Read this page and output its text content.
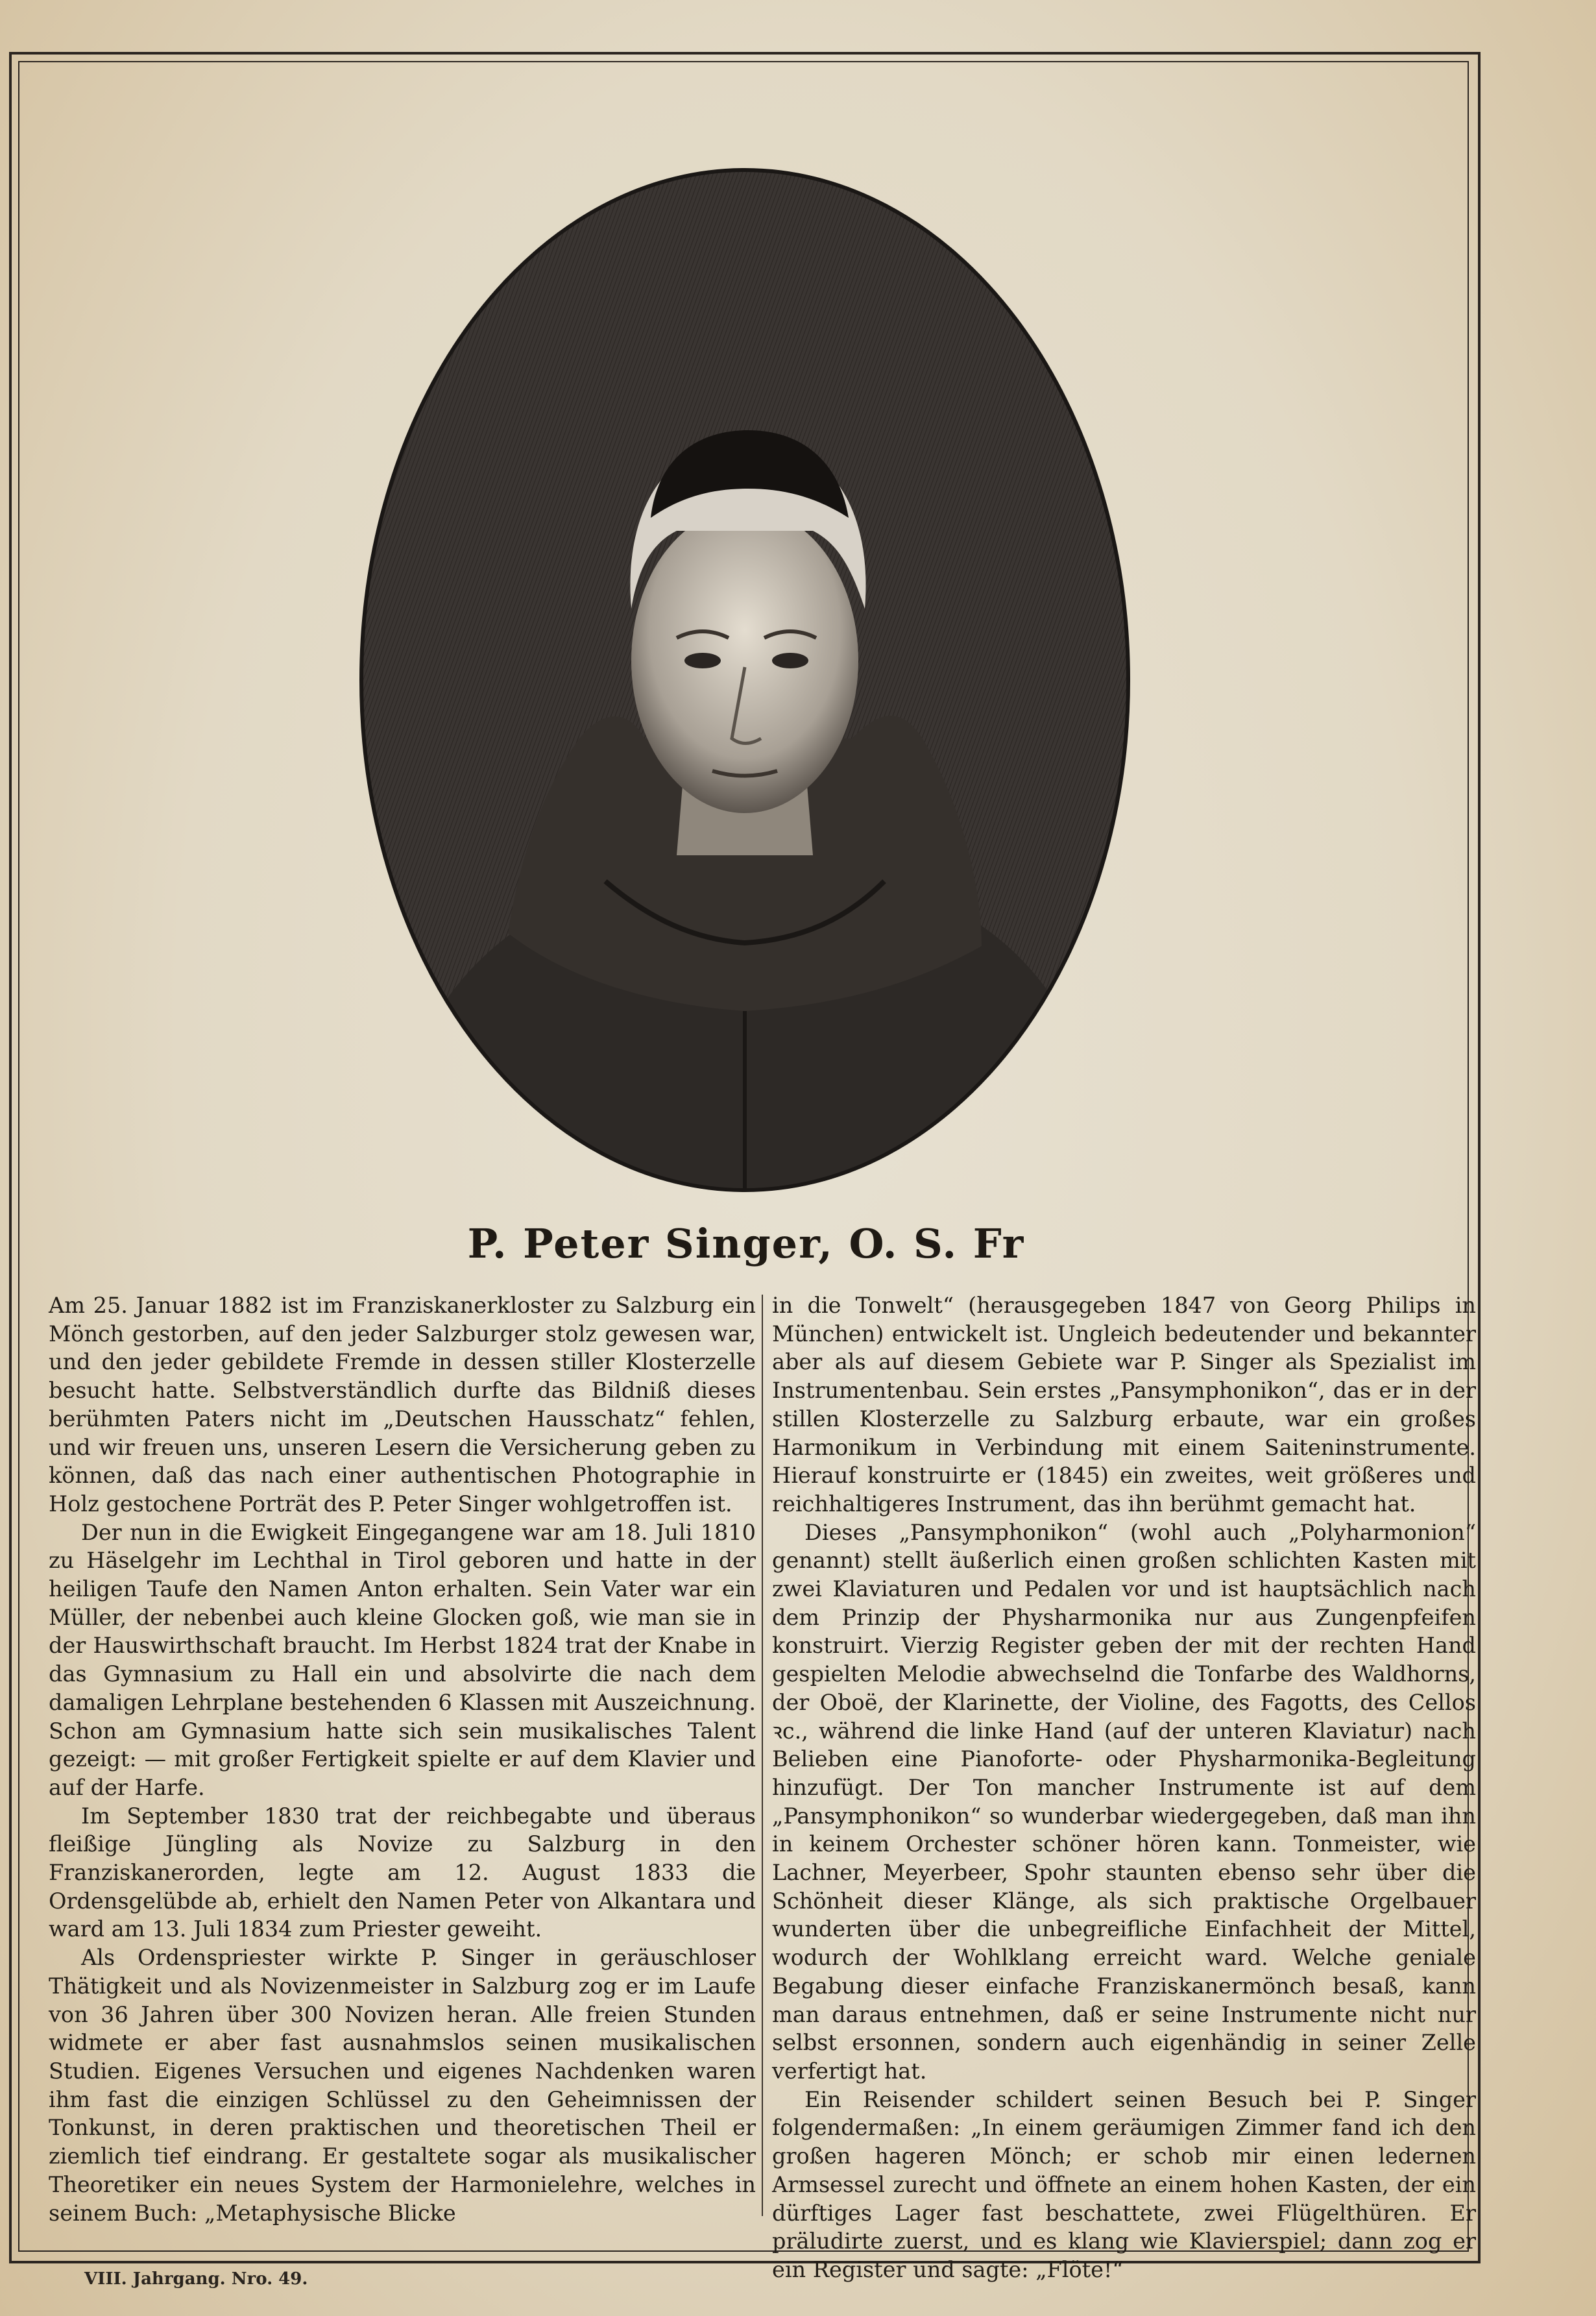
P. Peter Singer, O. S. Fr

Am 25. Januar 1882 ist im Franziskanerkloster zu Salzburg ein Mönch gestorben, auf den jeder Salzburger stolz gewesen war, und den jeder gebildete Fremde in dessen stiller Klosterzelle besucht hatte. Selbstverständlich durfte das Bildniß dieses berühmten Paters nicht im „Deutschen Hausschatz“ fehlen, und wir freuen uns, unseren Lesern die Versicherung geben zu können, daß das nach einer authentischen Photographie in Holz gestochene Porträt des P. Peter Singer wohlgetroffen ist.

Der nun in die Ewigkeit Eingegangene war am 18. Juli 1810 zu Häselgehr im Lechthal in Tirol geboren und hatte in der heiligen Taufe den Namen Anton erhalten. Sein Vater war ein Müller, der nebenbei auch kleine Glocken goß, wie man sie in der Hauswirthschaft braucht. Im Herbst 1824 trat der Knabe in das Gymnasium zu Hall ein und absolvirte die nach dem damaligen Lehrplane bestehenden 6 Klassen mit Auszeichnung. Schon am Gymnasium hatte sich sein musikalisches Talent gezeigt: — mit großer Fertigkeit spielte er auf dem Klavier und auf der Harfe.

Im September 1830 trat der reichbegabte und überaus fleißige Jüngling als Novize zu Salzburg in den Franziskanerorden, legte am 12. August 1833 die Ordensgelübde ab, erhielt den Namen Peter von Alkantara und ward am 13. Juli 1834 zum Priester geweiht.

Als Ordenspriester wirkte P. Singer in geräuschloser Thätigkeit und als Novizenmeister in Salzburg zog er im Laufe von 36 Jahren über 300 Novizen heran. Alle freien Stunden widmete er aber fast ausnahmslos seinen musikalischen Studien. Eigenes Versuchen und eigenes Nachdenken waren ihm fast die einzigen Schlüssel zu den Geheimnissen der Tonkunst, in deren praktischen und theoretischen Theil er ziemlich tief eindrang. Er gestaltete sogar als musikalischer Theoretiker ein neues System der Harmonielehre, welches in seinem Buch: „Metaphysische Blicke

in die Tonwelt“ (herausgegeben 1847 von Georg Philips in München) entwickelt ist. Ungleich bedeutender und bekannter aber als auf diesem Gebiete war P. Singer als Spezialist im Instrumentenbau. Sein erstes „Pansymphonikon“, das er in der stillen Klosterzelle zu Salzburg erbaute, war ein großes Harmonikum in Verbindung mit einem Saiteninstrumente. Hierauf konstruirte er (1845) ein zweites, weit größeres und reichhaltigeres Instrument, das ihn berühmt gemacht hat.

Dieses „Pansymphonikon“ (wohl auch „Polyharmonion“ genannt) stellt äußerlich einen großen schlichten Kasten mit zwei Klaviaturen und Pedalen vor und ist hauptsächlich nach dem Prinzip der Physharmonika nur aus Zungenpfeifen konstruirt. Vierzig Register geben der mit der rechten Hand gespielten Melodie abwechselnd die Tonfarbe des Waldhorns, der Oboë, der Klarinette, der Violine, des Fagotts, des Cellos ꝛc., während die linke Hand (auf der unteren Klaviatur) nach Belieben eine Pianoforte- oder Physharmonika-Begleitung hinzufügt. Der Ton mancher Instrumente ist auf dem „Pansymphonikon“ so wunderbar wiedergegeben, daß man ihn in keinem Orchester schöner hören kann. Tonmeister, wie Lachner, Meyerbeer, Spohr staunten ebenso sehr über die Schönheit dieser Klänge, als sich praktische Orgelbauer wunderten über die unbegreifliche Einfachheit der Mittel, wodurch der Wohlklang erreicht ward. Welche geniale Begabung dieser einfache Franziskanermönch besaß, kann man daraus entnehmen, daß er seine Instrumente nicht nur selbst ersonnen, sondern auch eigenhändig in seiner Zelle verfertigt hat.

Ein Reisender schildert seinen Besuch bei P. Singer folgendermaßen: „In einem geräumigen Zimmer fand ich den großen hageren Mönch; er schob mir einen ledernen Armsessel zurecht und öffnete an einem hohen Kasten, der ein dürftiges Lager fast beschattete, zwei Flügelthüren. Er präludirte zuerst, und es klang wie Klavierspiel; dann zog er ein Register und sagte: „Flöte!“

VIII. Jahrgang. Nro. 49.
